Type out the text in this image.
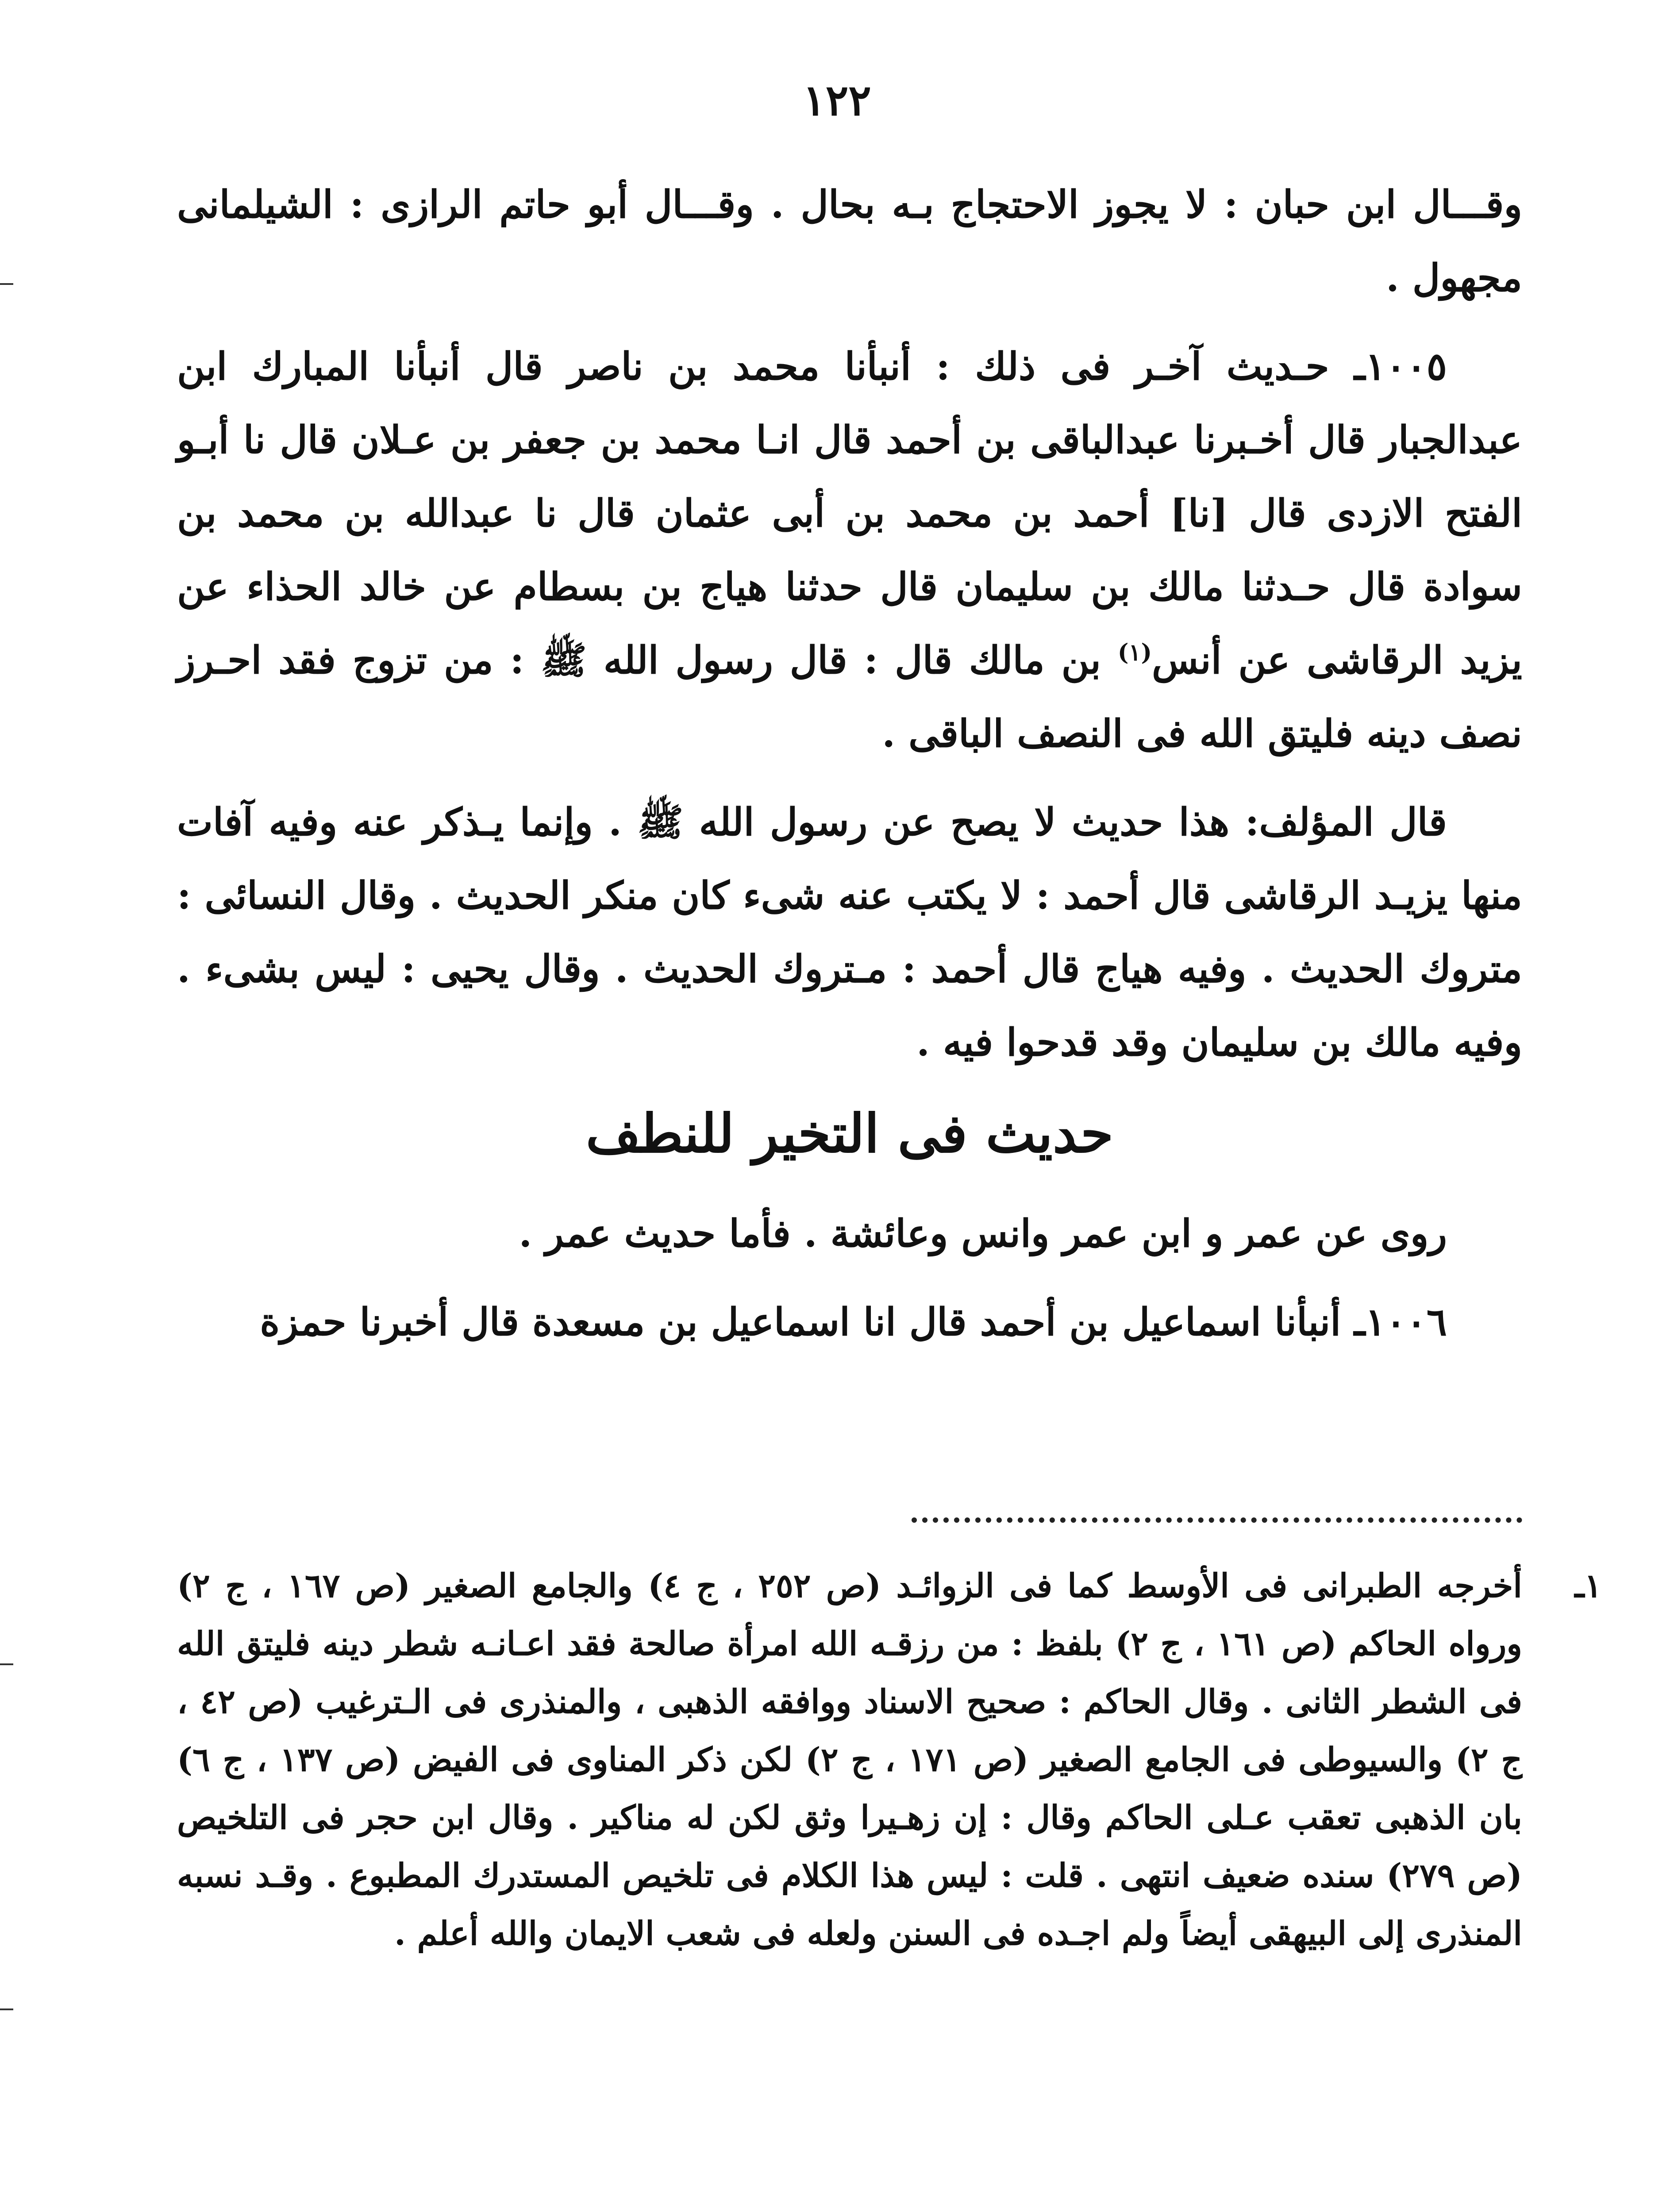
١٢٢

وقـــال ابن حبان : لا يجوز الاحتجاج بـه بحال . وقـــال أبو حاتم الرازى : الشيلمانى مجهول .

١٠٠٥ـ حـديث آخـر فى ذلك : أنبأنا محمد بن ناصر قال أنبأنا المبارك ابن عبدالجبار قال أخـبرنا عبدالباقى بن أحمد قال انـا محمد بن جعفر بن عـلان قال نا أبـو الفتح الازدى قال [نا] أحمد بن محمد بن أبى عثمان قال نا عبدالله بن محمد بن سوادة قال حـدثنا مالك بن سليمان قال حدثنا هياج بن بسطام عن خالد الحذاء عن يزيد الرقاشى عن أنس$^{(١)}$ بن مالك قال : قال رسول الله ﷺ : من تزوج فقد احـرز نصف دينه فليتق الله فى النصف الباقى .

قال المؤلف: هذا حديث لا يصح عن رسول الله ﷺ . وإنما يـذكر عنه وفيه آفات منها يزيـد الرقاشى قال أحمد : لا يكتب عنه شىء كان منكر الحديث . وقال النسائى : متروك الحديث . وفيه هياج قال أحمد : مـتروك الحديث . وقال يحيى : ليس بشىء . وفيه مالك بن سليمان وقد قدحوا فيه .

حديث فى التخير للنطف

روى عن عمر و ابن عمر وانس وعائشة . فأما حديث عمر .

١٠٠٦ـ أنبأنا اسماعيل بن أحمد قال انا اسماعيل بن مسعدة قال أخبرنا حمزة

١ـ
أخرجه الطبرانى فى الأوسط كما فى الزوائـد (ص ٢٥٢ ، ج ٤) والجامع الصغير (ص ١٦٧ ، ج ٢) ورواه الحاكم (ص ١٦١ ، ج ٢) بلفظ : من رزقـه الله امرأة صالحة فقد اعـانـه شطر دينه فليتق الله فى الشطر الثانى . وقال الحاكم : صحيح الاسناد ووافقه الذهبى ، والمنذرى فى الـترغيب (ص ٤٢ ، ج ٢) والسيوطى فى الجامع الصغير (ص ١٧١ ، ج ٢) لكن ذكر المناوى فى الفيض (ص ١٣٧ ، ج ٦) بان الذهبى تعقب عـلى الحاكم وقال : إن زهـيرا وثق لكن له مناكير . وقال ابن حجر فى التلخيص (ص ٢٧٩) سنده ضعيف انتهى . قلت : ليس هذا الكلام فى تلخيص المستدرك المطبوع . وقـد نسبه المنذرى إلى البيهقى أيضاً ولم اجـده فى السنن ولعله فى شعب الايمان والله أعلم .
